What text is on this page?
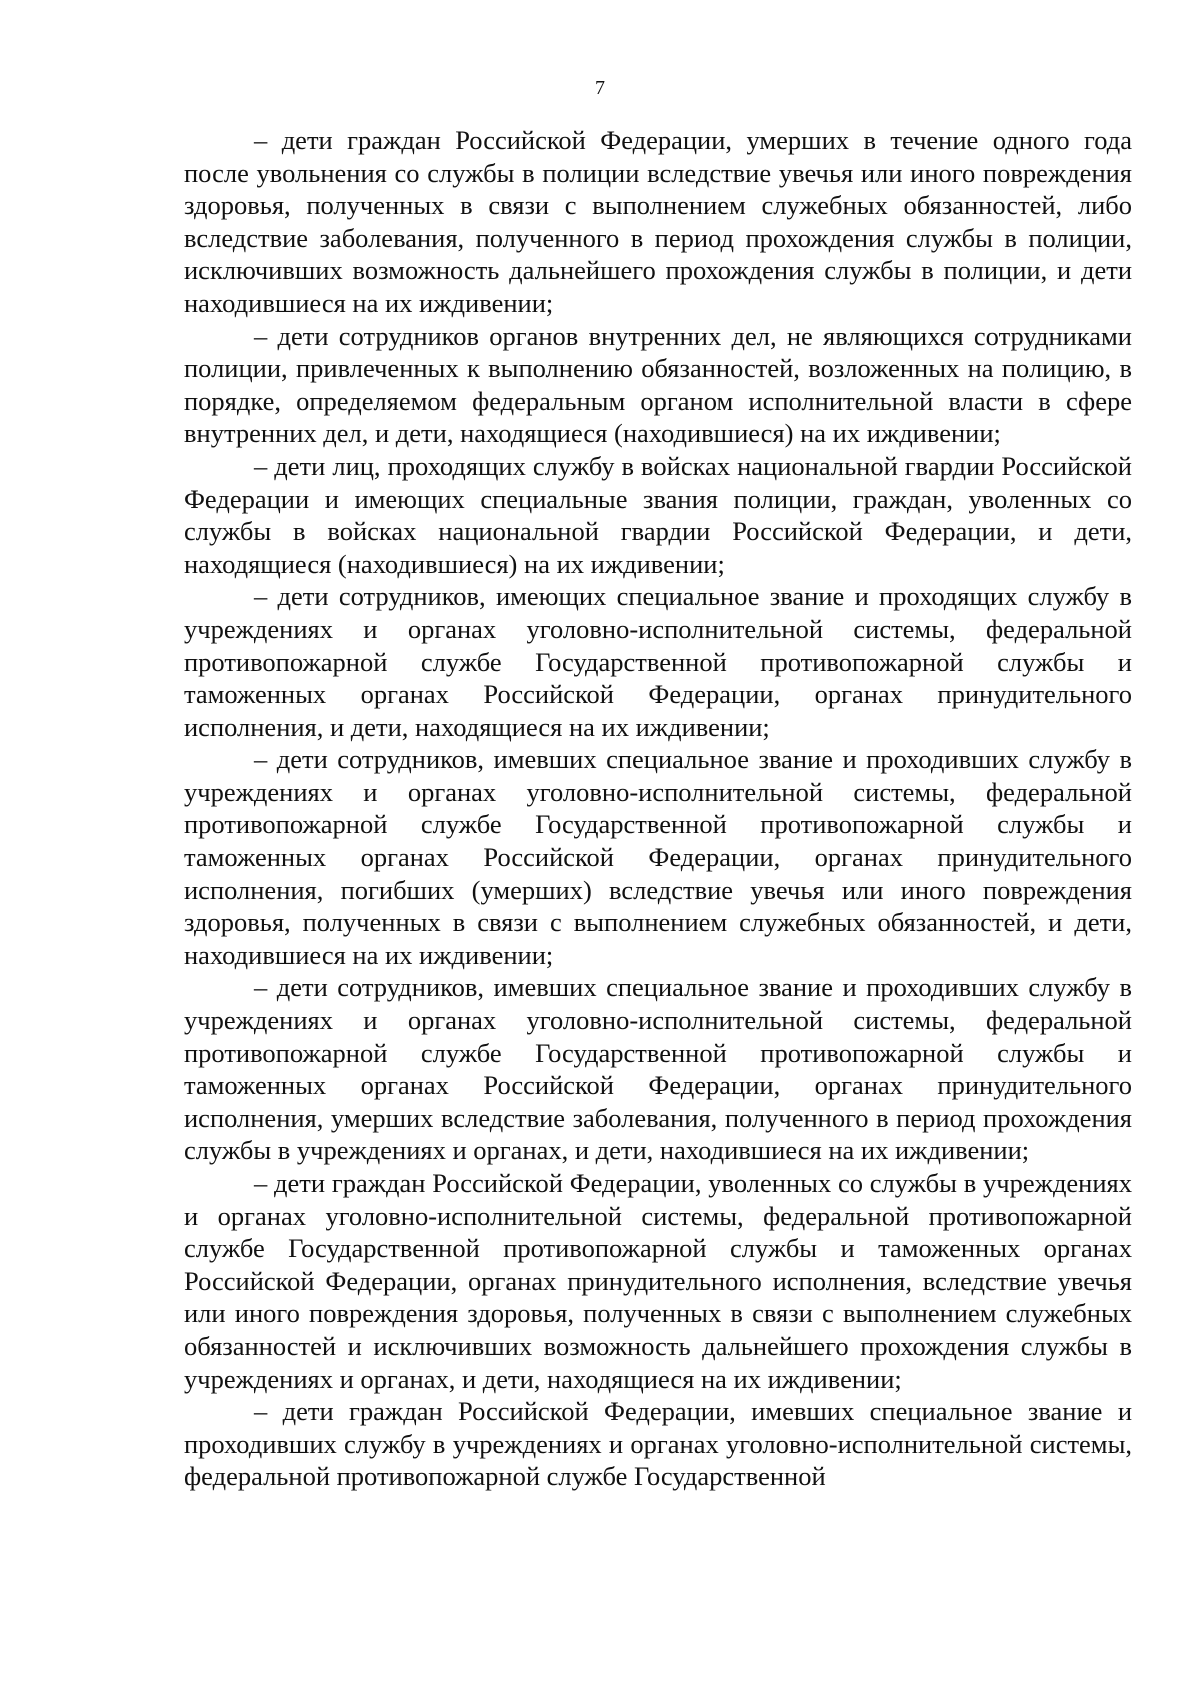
7

– дети граждан Российской Федерации, умерших в течение одного года после увольнения со службы в полиции вследствие увечья или иного повреждения здоровья, полученных в связи с выполнением служебных обязанностей, либо вследствие заболевания, полученного в период прохождения службы в полиции, исключивших возможность дальнейшего прохождения службы в полиции, и дети находившиеся на их иждивении;

– дети сотрудников органов внутренних дел, не являющихся сотрудниками полиции, привлеченных к выполнению обязанностей, возложенных на полицию, в порядке, определяемом федеральным органом исполнительной власти в сфере внутренних дел, и дети, находящиеся (находившиеся) на их иждивении;

– дети лиц, проходящих службу в войсках национальной гвардии Российской Федерации и имеющих специальные звания полиции, граждан, уволенных со службы в войсках национальной гвардии Российской Федерации, и дети, находящиеся (находившиеся) на их иждивении;

– дети сотрудников, имеющих специальное звание и проходящих службу в учреждениях и органах уголовно-исполнительной системы, федеральной противопожарной службе Государственной противопожарной службы и таможенных органах Российской Федерации, органах принудительного исполнения, и дети, находящиеся на их иждивении;

– дети сотрудников, имевших специальное звание и проходивших службу в учреждениях и органах уголовно-исполнительной системы, федеральной противопожарной службе Государственной противопожарной службы и таможенных органах Российской Федерации, органах принудительного исполнения, погибших (умерших) вследствие увечья или иного повреждения здоровья, полученных в связи с выполнением служебных обязанностей, и дети, находившиеся на их иждивении;

– дети сотрудников, имевших специальное звание и проходивших службу в учреждениях и органах уголовно-исполнительной системы, федеральной противопожарной службе Государственной противопожарной службы и таможенных органах Российской Федерации, органах принудительного исполнения, умерших вследствие заболевания, полученного в период прохождения службы в учреждениях и органах, и дети, находившиеся на их иждивении;

– дети граждан Российской Федерации, уволенных со службы в учреждениях и органах уголовно-исполнительной системы, федеральной противопожарной службе Государственной противопожарной службы и таможенных органах Российской Федерации, органах принудительного исполнения, вследствие увечья или иного повреждения здоровья, полученных в связи с выполнением служебных обязанностей и исключивших возможность дальнейшего прохождения службы в учреждениях и органах, и дети, находящиеся на их иждивении;

– дети граждан Российской Федерации, имевших специальное звание и проходивших службу в учреждениях и органах уголовно-исполнительной системы, федеральной противопожарной службе Государственной
